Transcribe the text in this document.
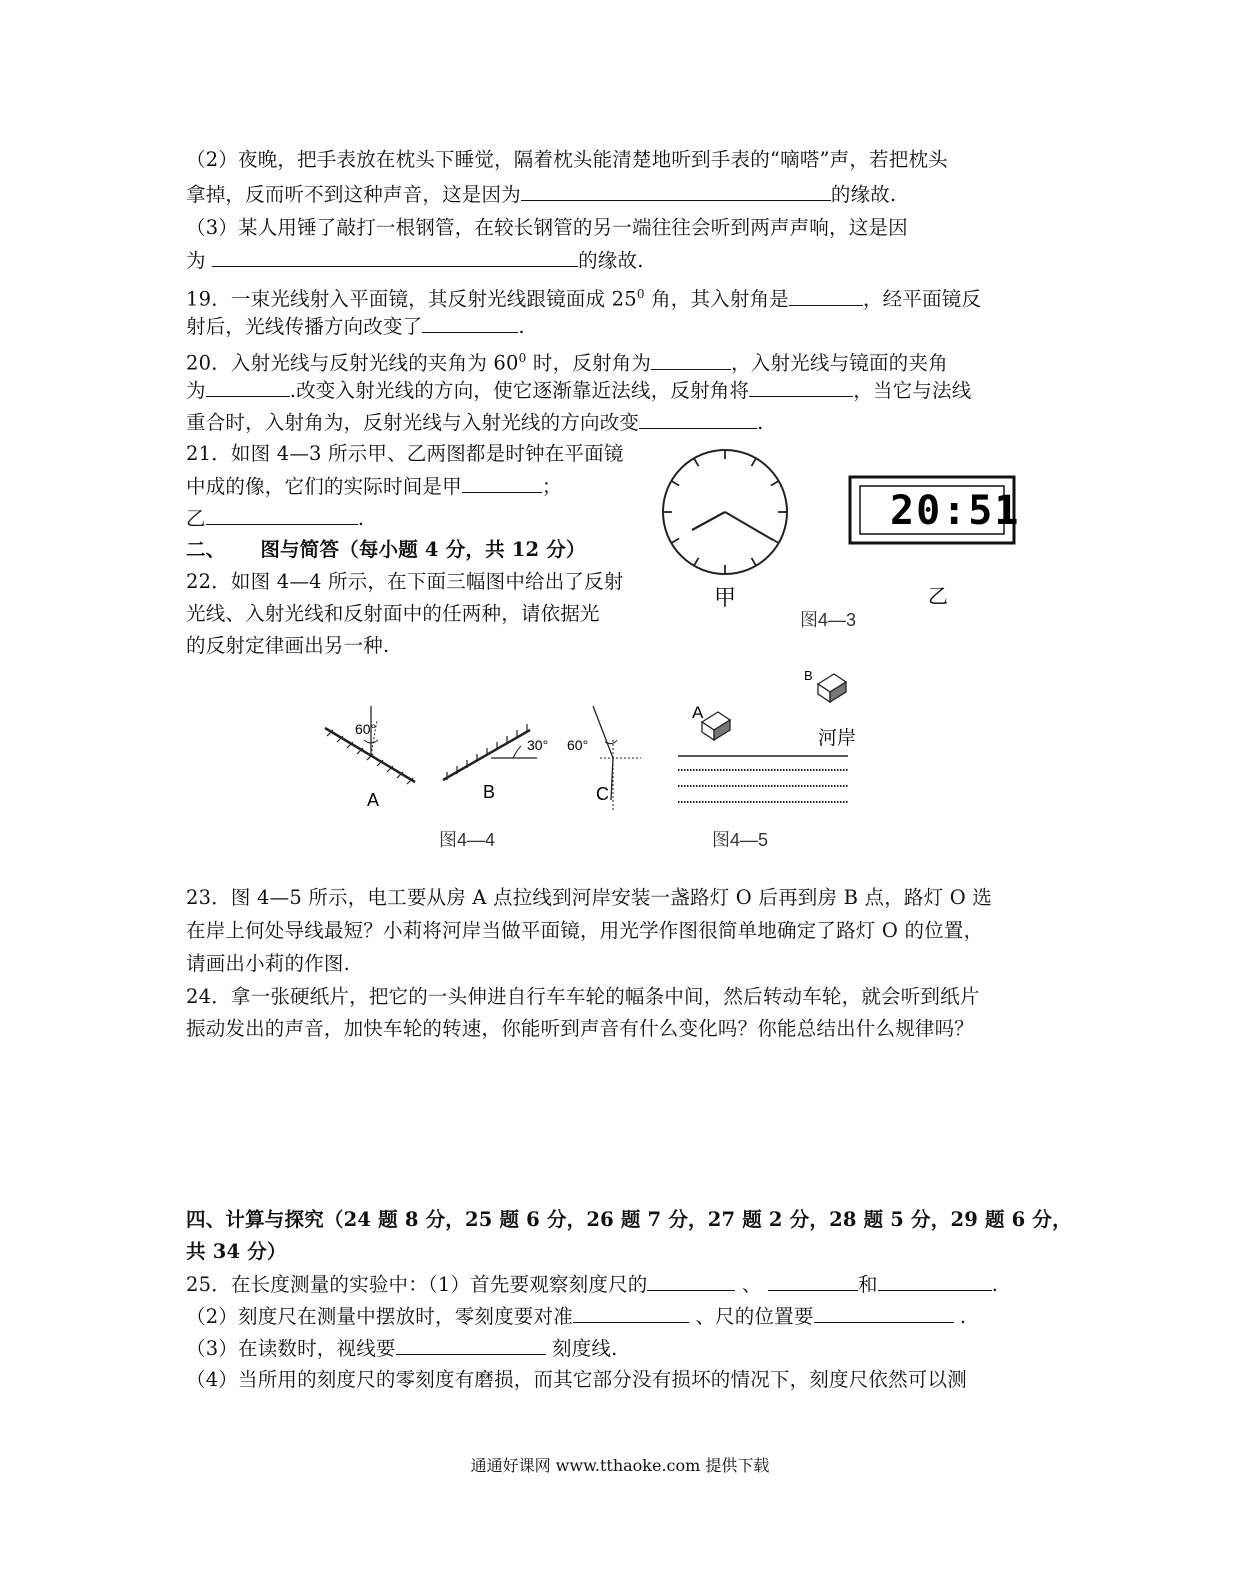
（2）夜晚，把手表放在枕头下睡觉，隔着枕头能清楚地听到手表的“嘀嗒”声，若把枕头
拿掉，反而听不到这种声音，这是因为	的缘故.
（3）某人用锤了敲打一根钢管，在较长钢管的另一端往往会听到两声声响，这是因
为	的缘故.
19．一束光线射入平面镜，其反射光线跟镜面成 $25^0$ 角，其入射角是	，经平面镜反
射后，光线传播方向改变了	.
20．入射光线与反射光线的夹角为 $60^0$ 时，反射角为	，入射光线与镜面的夹角
为	.改变入射光线的方向，使它逐渐靠近法线，反射角将	，当它与法线
重合时，入射角为，反射光线与入射光线的方向改变	.
21．如图 4—3 所示甲、乙两图都是时钟在平面镜
中成的像，它们的实际时间是甲	；
乙	.
二、     图与简答（每小题 4 分，共 12 分）
22．如图 4—4 所示，在下面三幅图中给出了反射
光线、入射光线和反射面中的任两种，请依据光
的反射定律画出另一种.
20:51
甲	乙
图4—3
60°
A
30°
B
60°
C
图4—4
A
B
河岸
图4—5
23．图 4—5 所示，电工要从房 A 点拉线到河岸安装一盏路灯 O 后再到房 B 点，路灯 O 选
在岸上何处导线最短？小莉将河岸当做平面镜，用光学作图很简单地确定了路灯 O 的位置，
请画出小莉的作图.
24．拿一张硬纸片，把它的一头伸进自行车车轮的幅条中间，然后转动车轮，就会听到纸片
振动发出的声音，加快车轮的转速，你能听到声音有什么变化吗？你能总结出什么规律吗？
四、计算与探究（24 题 8 分，25 题 6 分，26 题 7 分，27 题 2 分，28 题 5 分，29 题 6 分，
共 34 分）
25．在长度测量的实验中：（1）首先要观察刻度尺的	、	和	.
（2）刻度尺在测量中摆放时，零刻度要对准	、尺的位置要	.
（3）在读数时，视线要	刻度线.
（4）当所用的刻度尺的零刻度有磨损，而其它部分没有损坏的情况下，刻度尺依然可以测
通通好课网 www.tthaoke.com 提供下载
